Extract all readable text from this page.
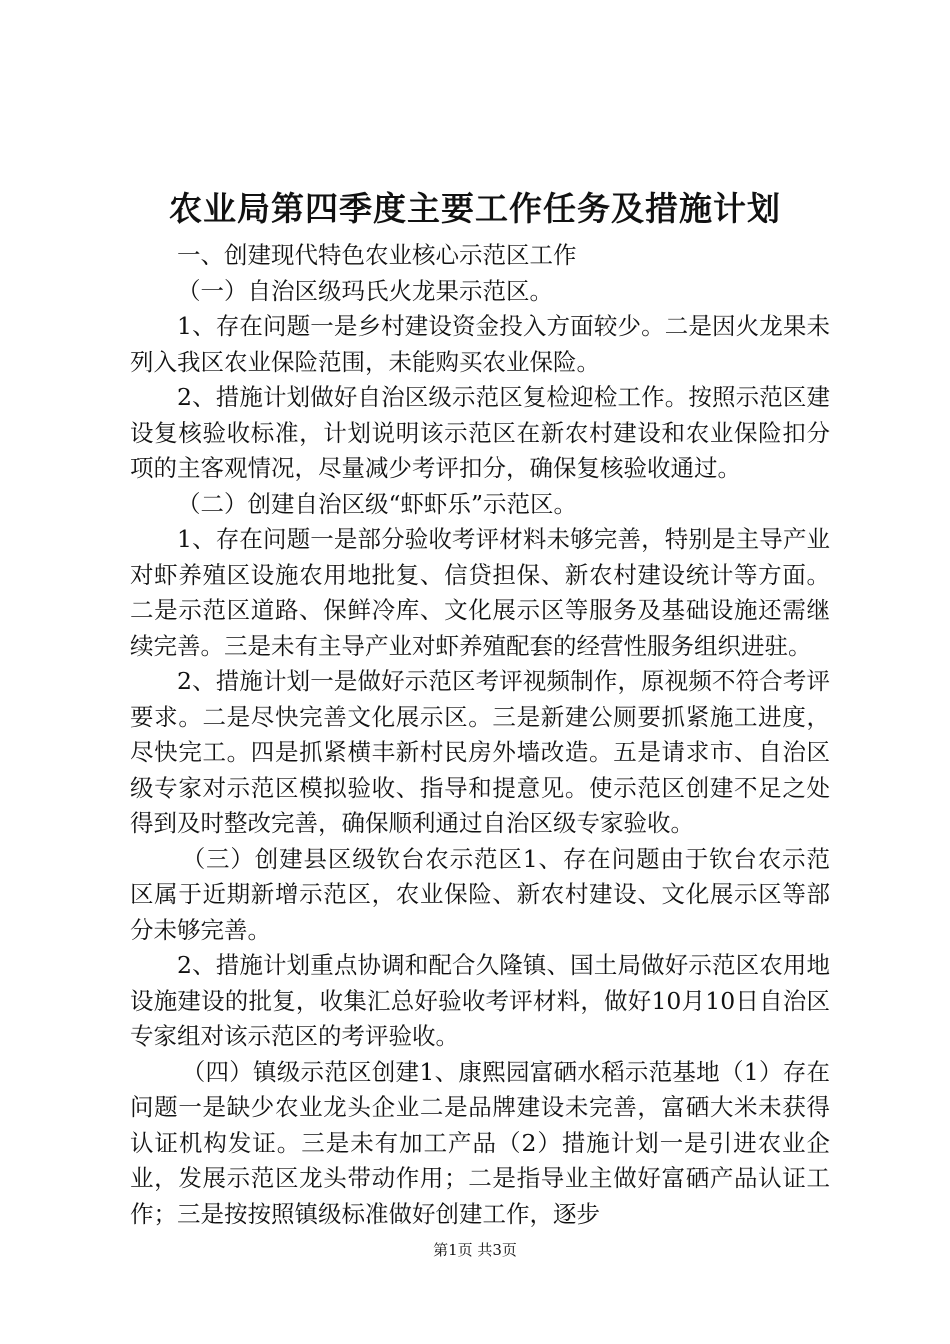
农业局第四季度主要工作任务及措施计划

一、创建现代特色农业核心示范区工作

（一）自治区级玛氏火龙果示范区。

1、存在问题一是乡村建设资金投入方面较少。二是因火龙果未列入我区农业保险范围，未能购买农业保险。

2、措施计划做好自治区级示范区复检迎检工作。按照示范区建设复核验收标准，计划说明该示范区在新农村建设和农业保险扣分项的主客观情况，尽量减少考评扣分，确保复核验收通过。

（二）创建自治区级“虾虾乐”示范区。

1、存在问题一是部分验收考评材料未够完善，特别是主导产业对虾养殖区设施农用地批复、信贷担保、新农村建设统计等方面。二是示范区道路、保鲜冷库、文化展示区等服务及基础设施还需继续完善。三是未有主导产业对虾养殖配套的经营性服务组织进驻。

2、措施计划一是做好示范区考评视频制作，原视频不符合考评要求。二是尽快完善文化展示区。三是新建公厕要抓紧施工进度，尽快完工。四是抓紧横丰新村民房外墙改造。五是请求市、自治区级专家对示范区模拟验收、指导和提意见。使示范区创建不足之处得到及时整改完善，确保顺利通过自治区级专家验收。

（三）创建县区级钦台农示范区1、存在问题由于钦台农示范区属于近期新增示范区，农业保险、新农村建设、文化展示区等部分未够完善。

2、措施计划重点协调和配合久隆镇、国土局做好示范区农用地设施建设的批复，收集汇总好验收考评材料，做好10月10日自治区专家组对该示范区的考评验收。

（四）镇级示范区创建1、康熙园富硒水稻示范基地（1）存在问题一是缺少农业龙头企业二是品牌建设未完善，富硒大米未获得认证机构发证。三是未有加工产品（2）措施计划一是引进农业企业，发展示范区龙头带动作用；二是指导业主做好富硒产品认证工作；三是按按照镇级标准做好创建工作，逐步

第1页 共3页
